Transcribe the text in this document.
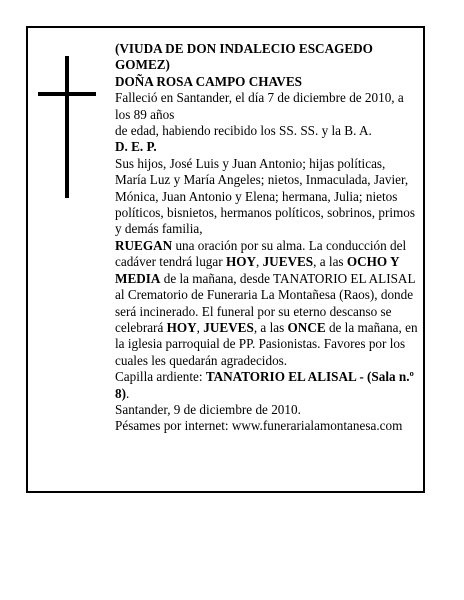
(VIUDA DE DON INDALECIO ESCAGEDO
GOMEZ)
DOÑA ROSA CAMPO CHAVES
Falleció en Santander, el día 7 de diciembre de 2010, a
los 89 años
de edad, habiendo recibido los SS. SS. y la B. A.
D. E. P.
Sus hijos, José Luis y Juan Antonio; hijas políticas, María Luz y María Angeles; nietos, Inmaculada, Javier, Mónica, Juan Antonio y Elena; hermana, Julia; nietos políticos, bisnietos, hermanos políticos, sobrinos, primos y demás familia,
RUEGAN una oración por su alma. La conducción del cadáver tendrá lugar HOY, JUEVES, a las OCHO Y MEDIA de la mañana, desde TANATORIO EL ALISAL al Crematorio de Funeraria La Montañesa (Raos), donde será incinerado. El funeral por su eterno descanso se celebrará HOY, JUEVES, a las ONCE de la mañana, en la iglesia parroquial de PP. Pasionistas. Favores por los cuales les quedarán agradecidos.
Capilla ardiente: TANATORIO EL ALISAL - (Sala n.º 8).
Santander, 9 de diciembre de 2010.
Pésames por internet: www.funerarialamontanesa.com
